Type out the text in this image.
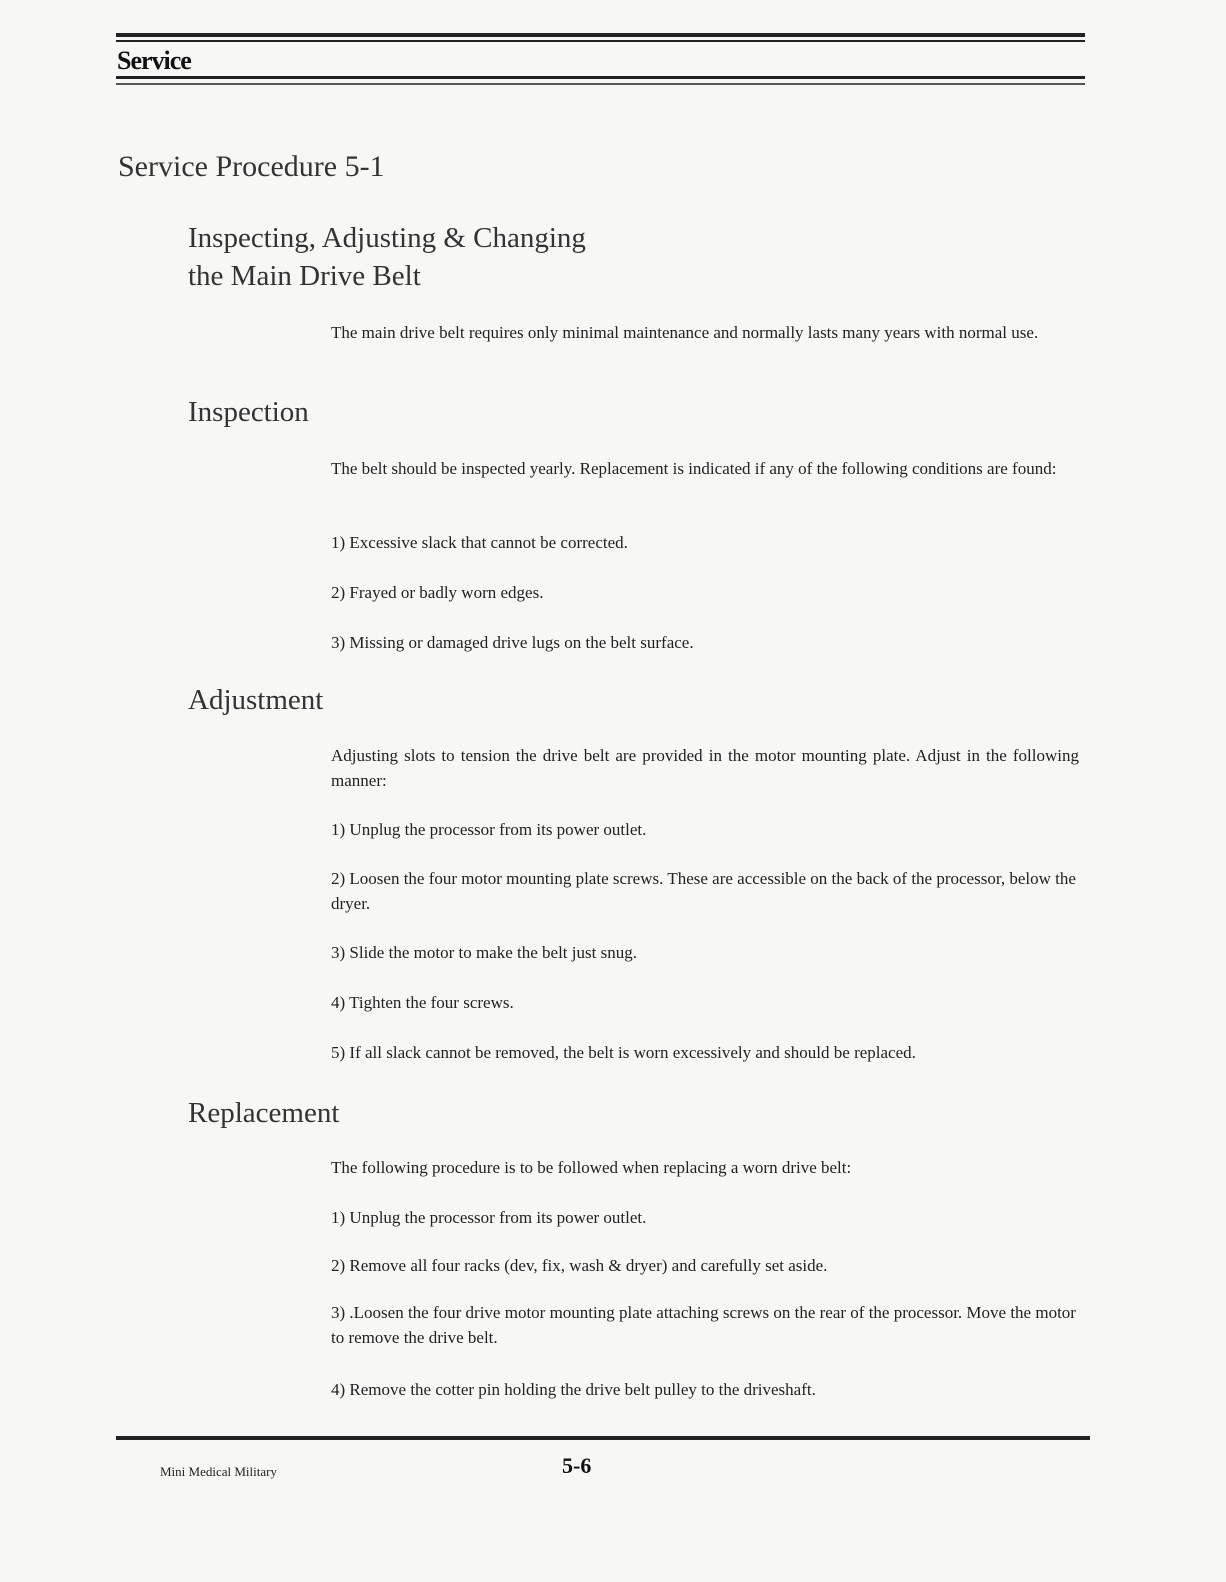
Service
Service Procedure 5-1
Inspecting, Adjusting & Changing
the Main Drive Belt
The main drive belt requires only minimal maintenance and normally lasts many years with normal use.
Inspection
The belt should be inspected yearly. Replacement is indicated if any of the following conditions are found:
1) Excessive slack that cannot be corrected.
2) Frayed or badly worn edges.
3) Missing or damaged drive lugs on the belt surface.
Adjustment
Adjusting slots to tension the drive belt are provided in the motor mounting plate. Adjust in the following manner:
1) Unplug the processor from its power outlet.
2) Loosen the four motor mounting plate screws. These are accessible on the back of the processor, below the dryer.
3) Slide the motor to make the belt just snug.
4) Tighten the four screws.
5) If all slack cannot be removed, the belt is worn excessively and should be replaced.
Replacement
The following procedure is to be followed when replacing a worn drive belt:
1) Unplug the processor from its power outlet.
2) Remove all four racks (dev, fix, wash & dryer) and carefully set aside.
3) .Loosen the four drive motor mounting plate attaching screws on the rear of the processor. Move the motor to remove the drive belt.
4) Remove the cotter pin holding the drive belt pulley to the driveshaft.
Mini Medical Military	5-6
